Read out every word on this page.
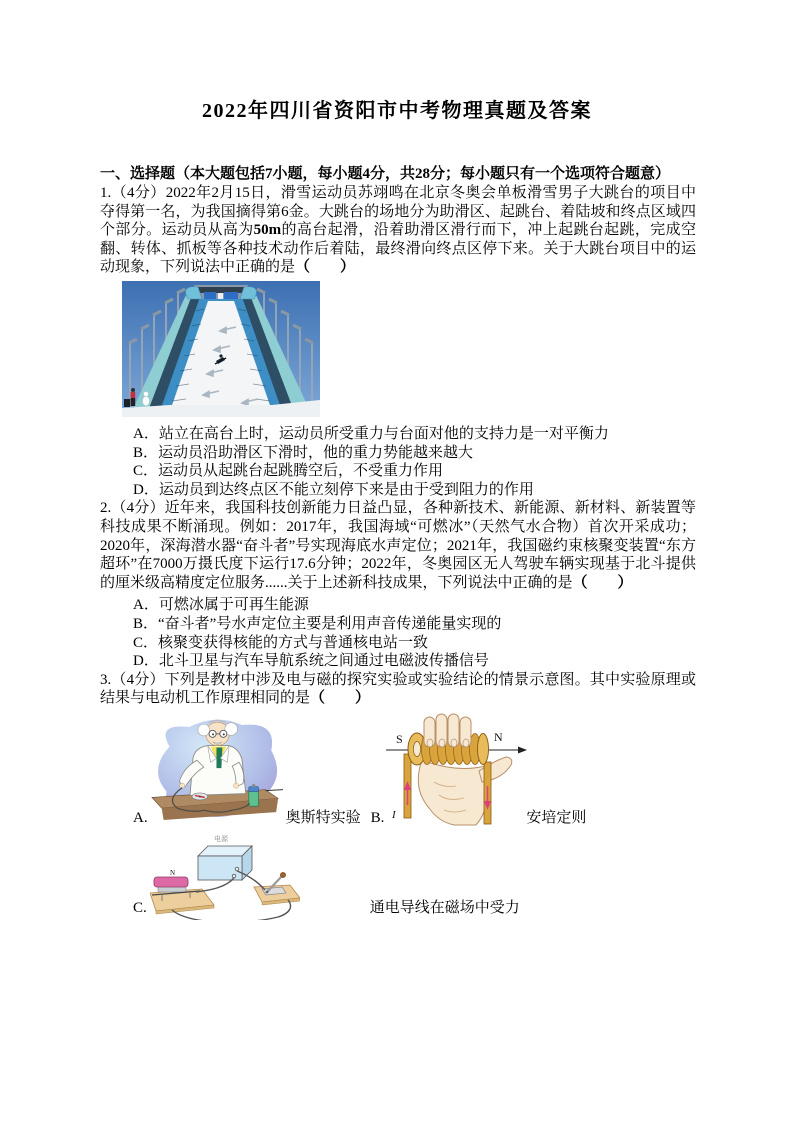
2022年四川省资阳市中考物理真题及答案
一、选择题（本大题包括7小题，每小题4分，共28分；每小题只有一个选项符合题意）

1.（4分）2022年2月15日，滑雪运动员苏翊鸣在北京冬奥会单板滑雪男子大跳台的项目中夺得第一名，为我国摘得第6金。大跳台的场地分为助滑区、起跳台、着陆坡和终点区域四个部分。运动员从高为50m的高台起滑，沿着助滑区滑行而下，冲上起跳台起跳，完成空翻、转体、抓板等各种技术动作后着陆，最终滑向终点区停下来。关于大跳台项目中的运动现象，下列说法中正确的是（　　）

A．站立在高台上时，运动员所受重力与台面对他的支持力是一对平衡力
B．运动员沿助滑区下滑时，他的重力势能越来越大
C．运动员从起跳台起跳腾空后，不受重力作用
D．运动员到达终点区不能立刻停下来是由于受到阻力的作用

2.（4分）近年来，我国科技创新能力日益凸显，各种新技术、新能源、新材料、新装置等科技成果不断涌现。例如：2017年，我国海域“可燃冰”（天然气水合物）首次开采成功；2020年，深海潜水器“奋斗者”号实现海底水声定位；2021年，我国磁约束核聚变装置“东方超环”在7000万摄氏度下运行17.6分钟；2022年，冬奥园区无人驾驶车辆实现基于北斗提供的厘米级高精度定位服务......关于上述新科技成果，下列说法中正确的是（　　）

A．可燃冰属于可再生能源
B．“奋斗者”号水声定位主要是利用声音传递能量实现的
C．核聚变获得核能的方式与普通核电站一致
D．北斗卫星与汽车导航系统之间通过电磁波传播信号

3.（4分）下列是教材中涉及电与磁的探究实验或实验结论的情景示意图。其中实验原理或结果与电动机工作原理相同的是（　　）

A.	奥斯特实验 B.
S	N
I	安培定则
C.
电源
N
通电导线在磁场中受力
